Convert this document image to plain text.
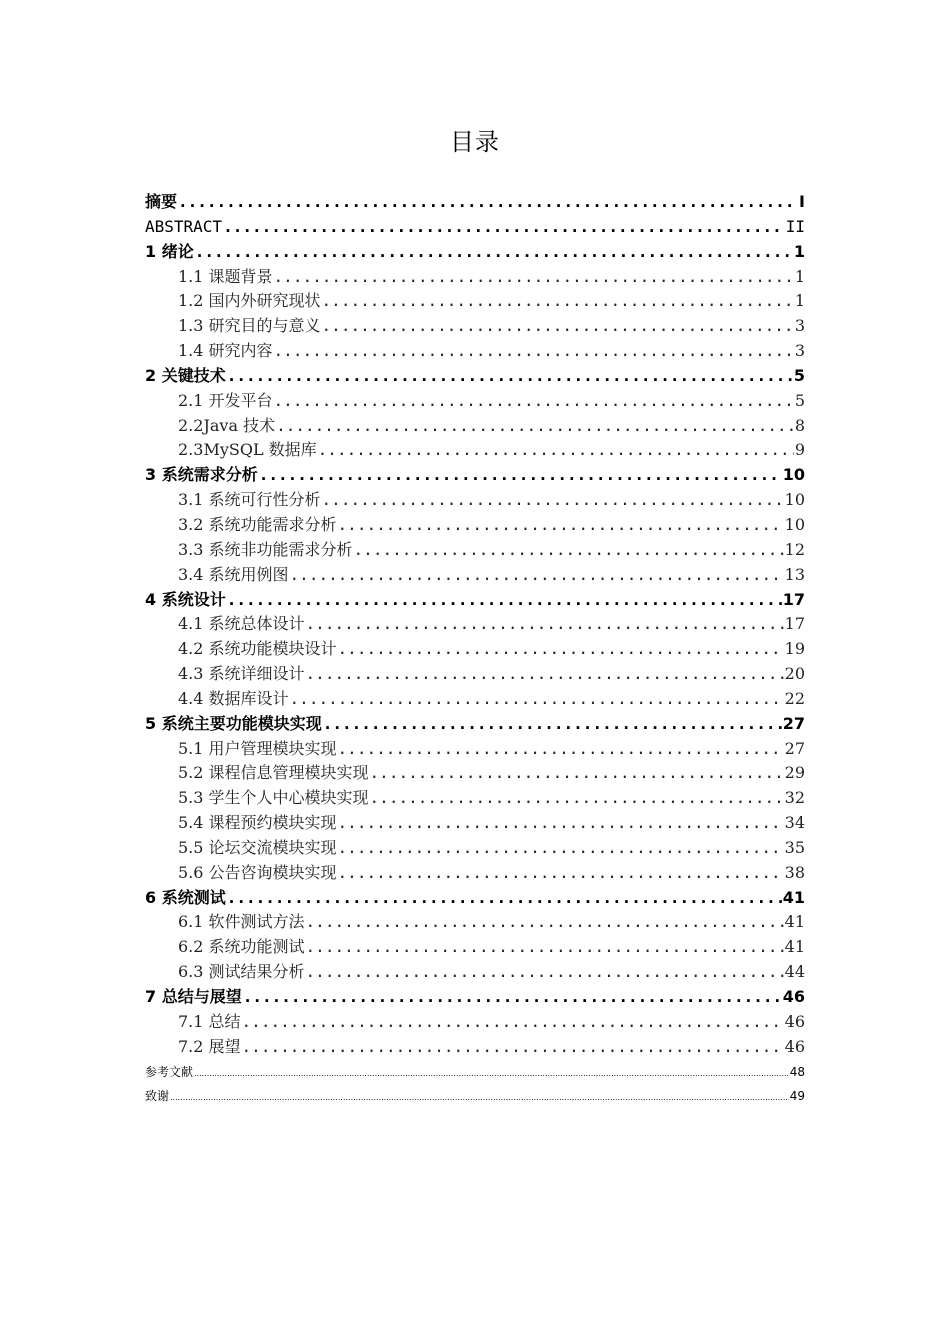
目录
摘要 .....	I
ABSTRACT .....	II
1 绪论 .....	1
1.1 课题背景 .....	1
1.2 国内外研究现状 .....	1
1.3 研究目的与意义 .....	3
1.4 研究内容 .....	3
2 关键技术 .....	5
2.1 开发平台 .....	5
2.2Java 技术 .....	8
2.3MySQL 数据库 .....	9
3 系统需求分析 .....	10
3.1 系统可行性分析 .....	10
3.2 系统功能需求分析 .....	10
3.3 系统非功能需求分析 .....	12
3.4 系统用例图 .....	13
4 系统设计 .....	17
4.1 系统总体设计 .....	17
4.2 系统功能模块设计 .....	19
4.3 系统详细设计 .....	20
4.4 数据库设计 .....	22
5 系统主要功能模块实现 .....	27
5.1 用户管理模块实现 .....	27
5.2 课程信息管理模块实现 .....	29
5.3 学生个人中心模块实现 .....	32
5.4 课程预约模块实现 .....	34
5.5 论坛交流模块实现 .....	35
5.6 公告咨询模块实现 .....	38
6 系统测试 .....	41
6.1 软件测试方法 .....	41
6.2 系统功能测试 .....	41
6.3 测试结果分析 .....	44
7 总结与展望 .....	46
7.1 总结 .....	46
7.2 展望 .....	46
参考文献 .....	48
致谢 .....	49
